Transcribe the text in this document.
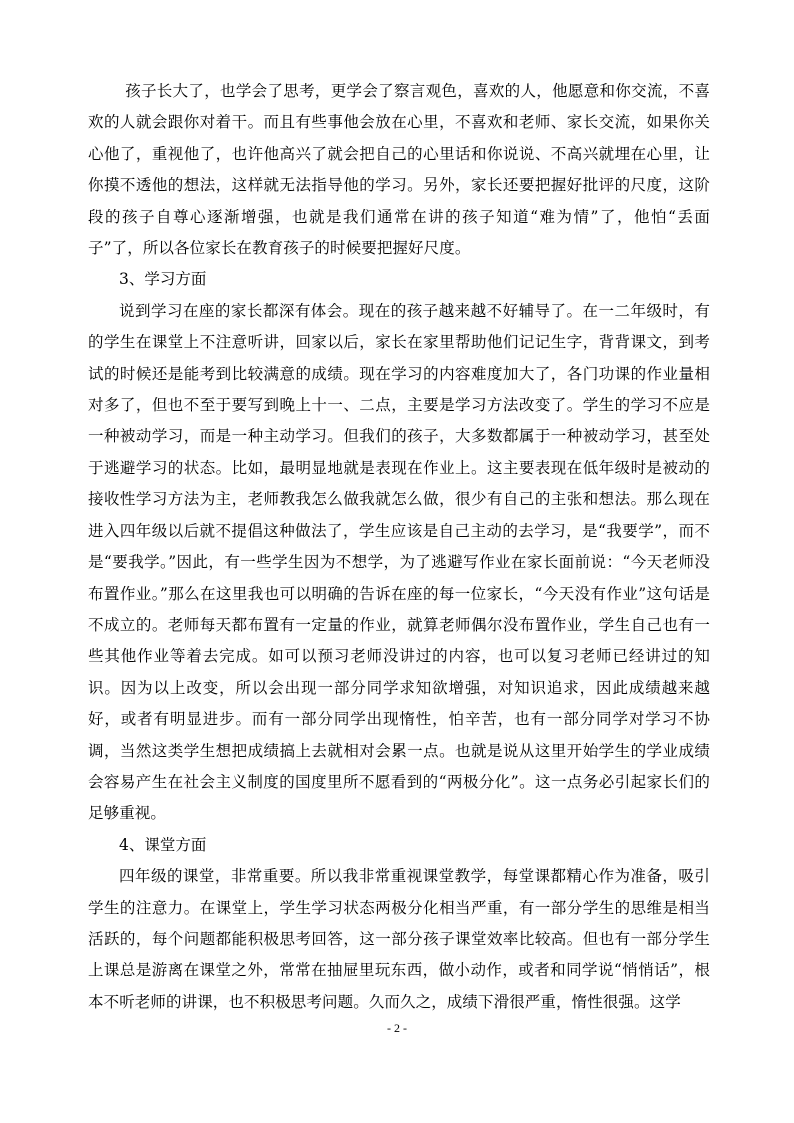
孩子长大了，也学会了思考，更学会了察言观色，喜欢的人，他愿意和你交流，不喜欢的人就会跟你对着干。而且有些事他会放在心里，不喜欢和老师、家长交流，如果你关心他了，重视他了，也许他高兴了就会把自己的心里话和你说说、不高兴就埋在心里，让你摸不透他的想法，这样就无法指导他的学习。另外，家长还要把握好批评的尺度，这阶段的孩子自尊心逐渐增强，也就是我们通常在讲的孩子知道“难为情”了，他怕“丢面子”了，所以各位家长在教育孩子的时候要把握好尺度。

3、学习方面

说到学习在座的家长都深有体会。现在的孩子越来越不好辅导了。在一二年级时，有的学生在课堂上不注意听讲，回家以后，家长在家里帮助他们记记生字，背背课文，到考试的时候还是能考到比较满意的成绩。现在学习的内容难度加大了，各门功课的作业量相对多了，但也不至于要写到晚上十一、二点，主要是学习方法改变了。学生的学习不应是一种被动学习，而是一种主动学习。但我们的孩子，大多数都属于一种被动学习，甚至处于逃避学习的状态。比如，最明显地就是表现在作业上。这主要表现在低年级时是被动的接收性学习方法为主，老师教我怎么做我就怎么做，很少有自己的主张和想法。那么现在进入四年级以后就不提倡这种做法了，学生应该是自己主动的去学习，是“我要学”，而不是“要我学。”因此，有一些学生因为不想学，为了逃避写作业在家长面前说：“今天老师没布置作业。”那么在这里我也可以明确的告诉在座的每一位家长，“今天没有作业”这句话是不成立的。老师每天都布置有一定量的作业，就算老师偶尔没布置作业，学生自己也有一些其他作业等着去完成。如可以预习老师没讲过的内容，也可以复习老师已经讲过的知识。因为以上改变，所以会出现一部分同学求知欲增强，对知识追求，因此成绩越来越好，或者有明显进步。而有一部分同学出现惰性，怕辛苦，也有一部分同学对学习不协调，当然这类学生想把成绩搞上去就相对会累一点。也就是说从这里开始学生的学业成绩会容易产生在社会主义制度的国度里所不愿看到的“两极分化”。这一点务必引起家长们的足够重视。

4、课堂方面

四年级的课堂，非常重要。所以我非常重视课堂教学，每堂课都精心作为准备，吸引学生的注意力。在课堂上，学生学习状态两极分化相当严重，有一部分学生的思维是相当活跃的，每个问题都能积极思考回答，这一部分孩子课堂效率比较高。但也有一部分学生上课总是游离在课堂之外，常常在抽屉里玩东西，做小动作，或者和同学说“悄悄话”，根本不听老师的讲课，也不积极思考问题。久而久之，成绩下滑很严重，惰性很强。这学

- 2 -
